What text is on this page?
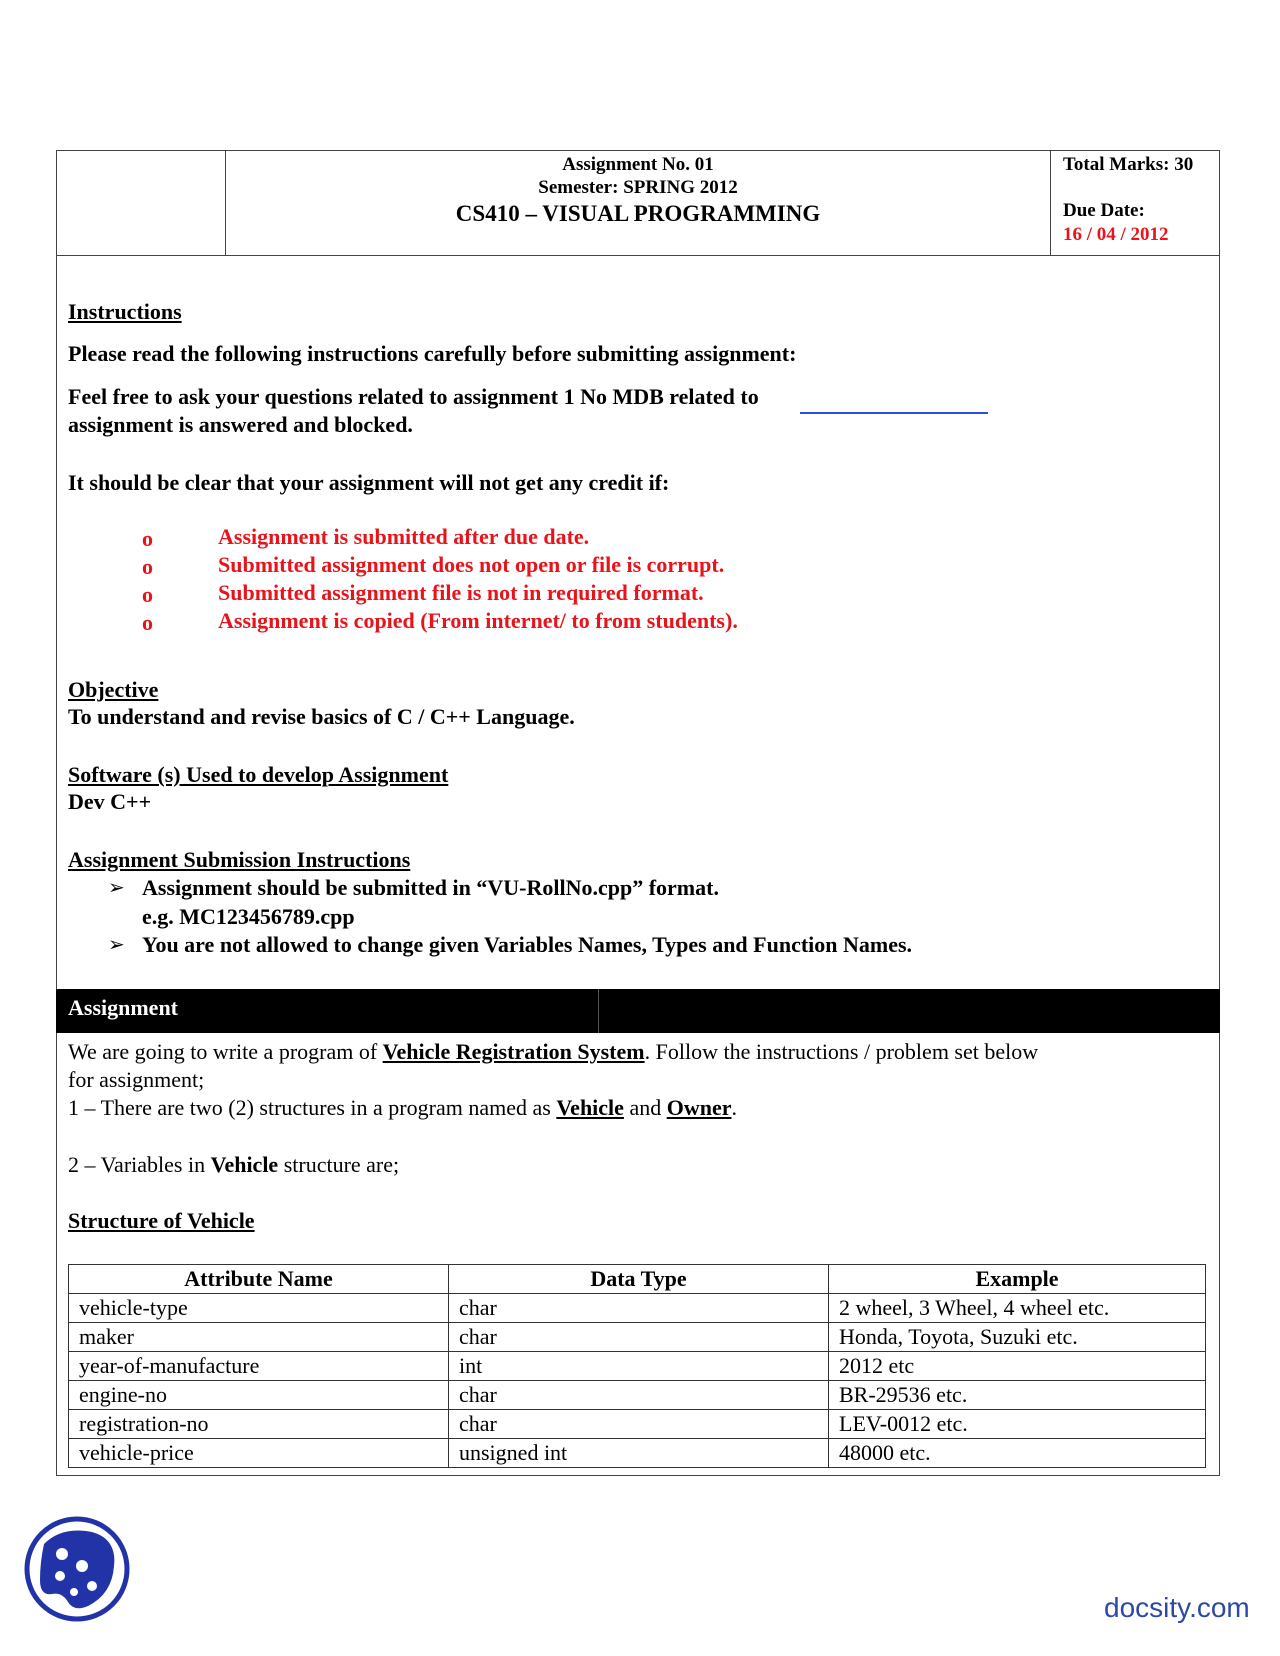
Assignment No. 01
Semester: SPRING 2012
CS410 – VISUAL PROGRAMMING
Total Marks: 30
Due Date:
16 / 04 / 2012
Instructions
Please read the following instructions carefully before submitting assignment:
Feel free to ask your questions related to assignment 1 No MDB related to
assignment is answered and blocked.
It should be clear that your assignment will not get any credit if:
o	Assignment is submitted after due date.
o	Submitted assignment does not open or file is corrupt.
o	Submitted assignment file is not in required format.
o	Assignment is copied (From internet/ to from students).
Objective
To understand and revise basics of C / C++ Language.
Software (s) Used to develop Assignment
Dev C++
Assignment Submission Instructions
➢ Assignment should be submitted in “VU-RollNo.cpp” format.
e.g. MC123456789.cpp
➢ You are not allowed to change given Variables Names, Types and Function Names.
Assignment
We are going to write a program of Vehicle Registration System. Follow the instructions / problem set below
for assignment;
1 – There are two (2) structures in a program named as Vehicle and Owner.
2 – Variables in Vehicle structure are;
Structure of Vehicle
Attribute Name	Data Type	Example
vehicle-type	char	2 wheel, 3 Wheel, 4 wheel etc.
maker	char	Honda, Toyota, Suzuki etc.
year-of-manufacture	int	2012 etc
engine-no	char	BR-29536 etc.
registration-no	char	LEV-0012 etc.
vehicle-price	unsigned int	48000 etc.
docsity.com
